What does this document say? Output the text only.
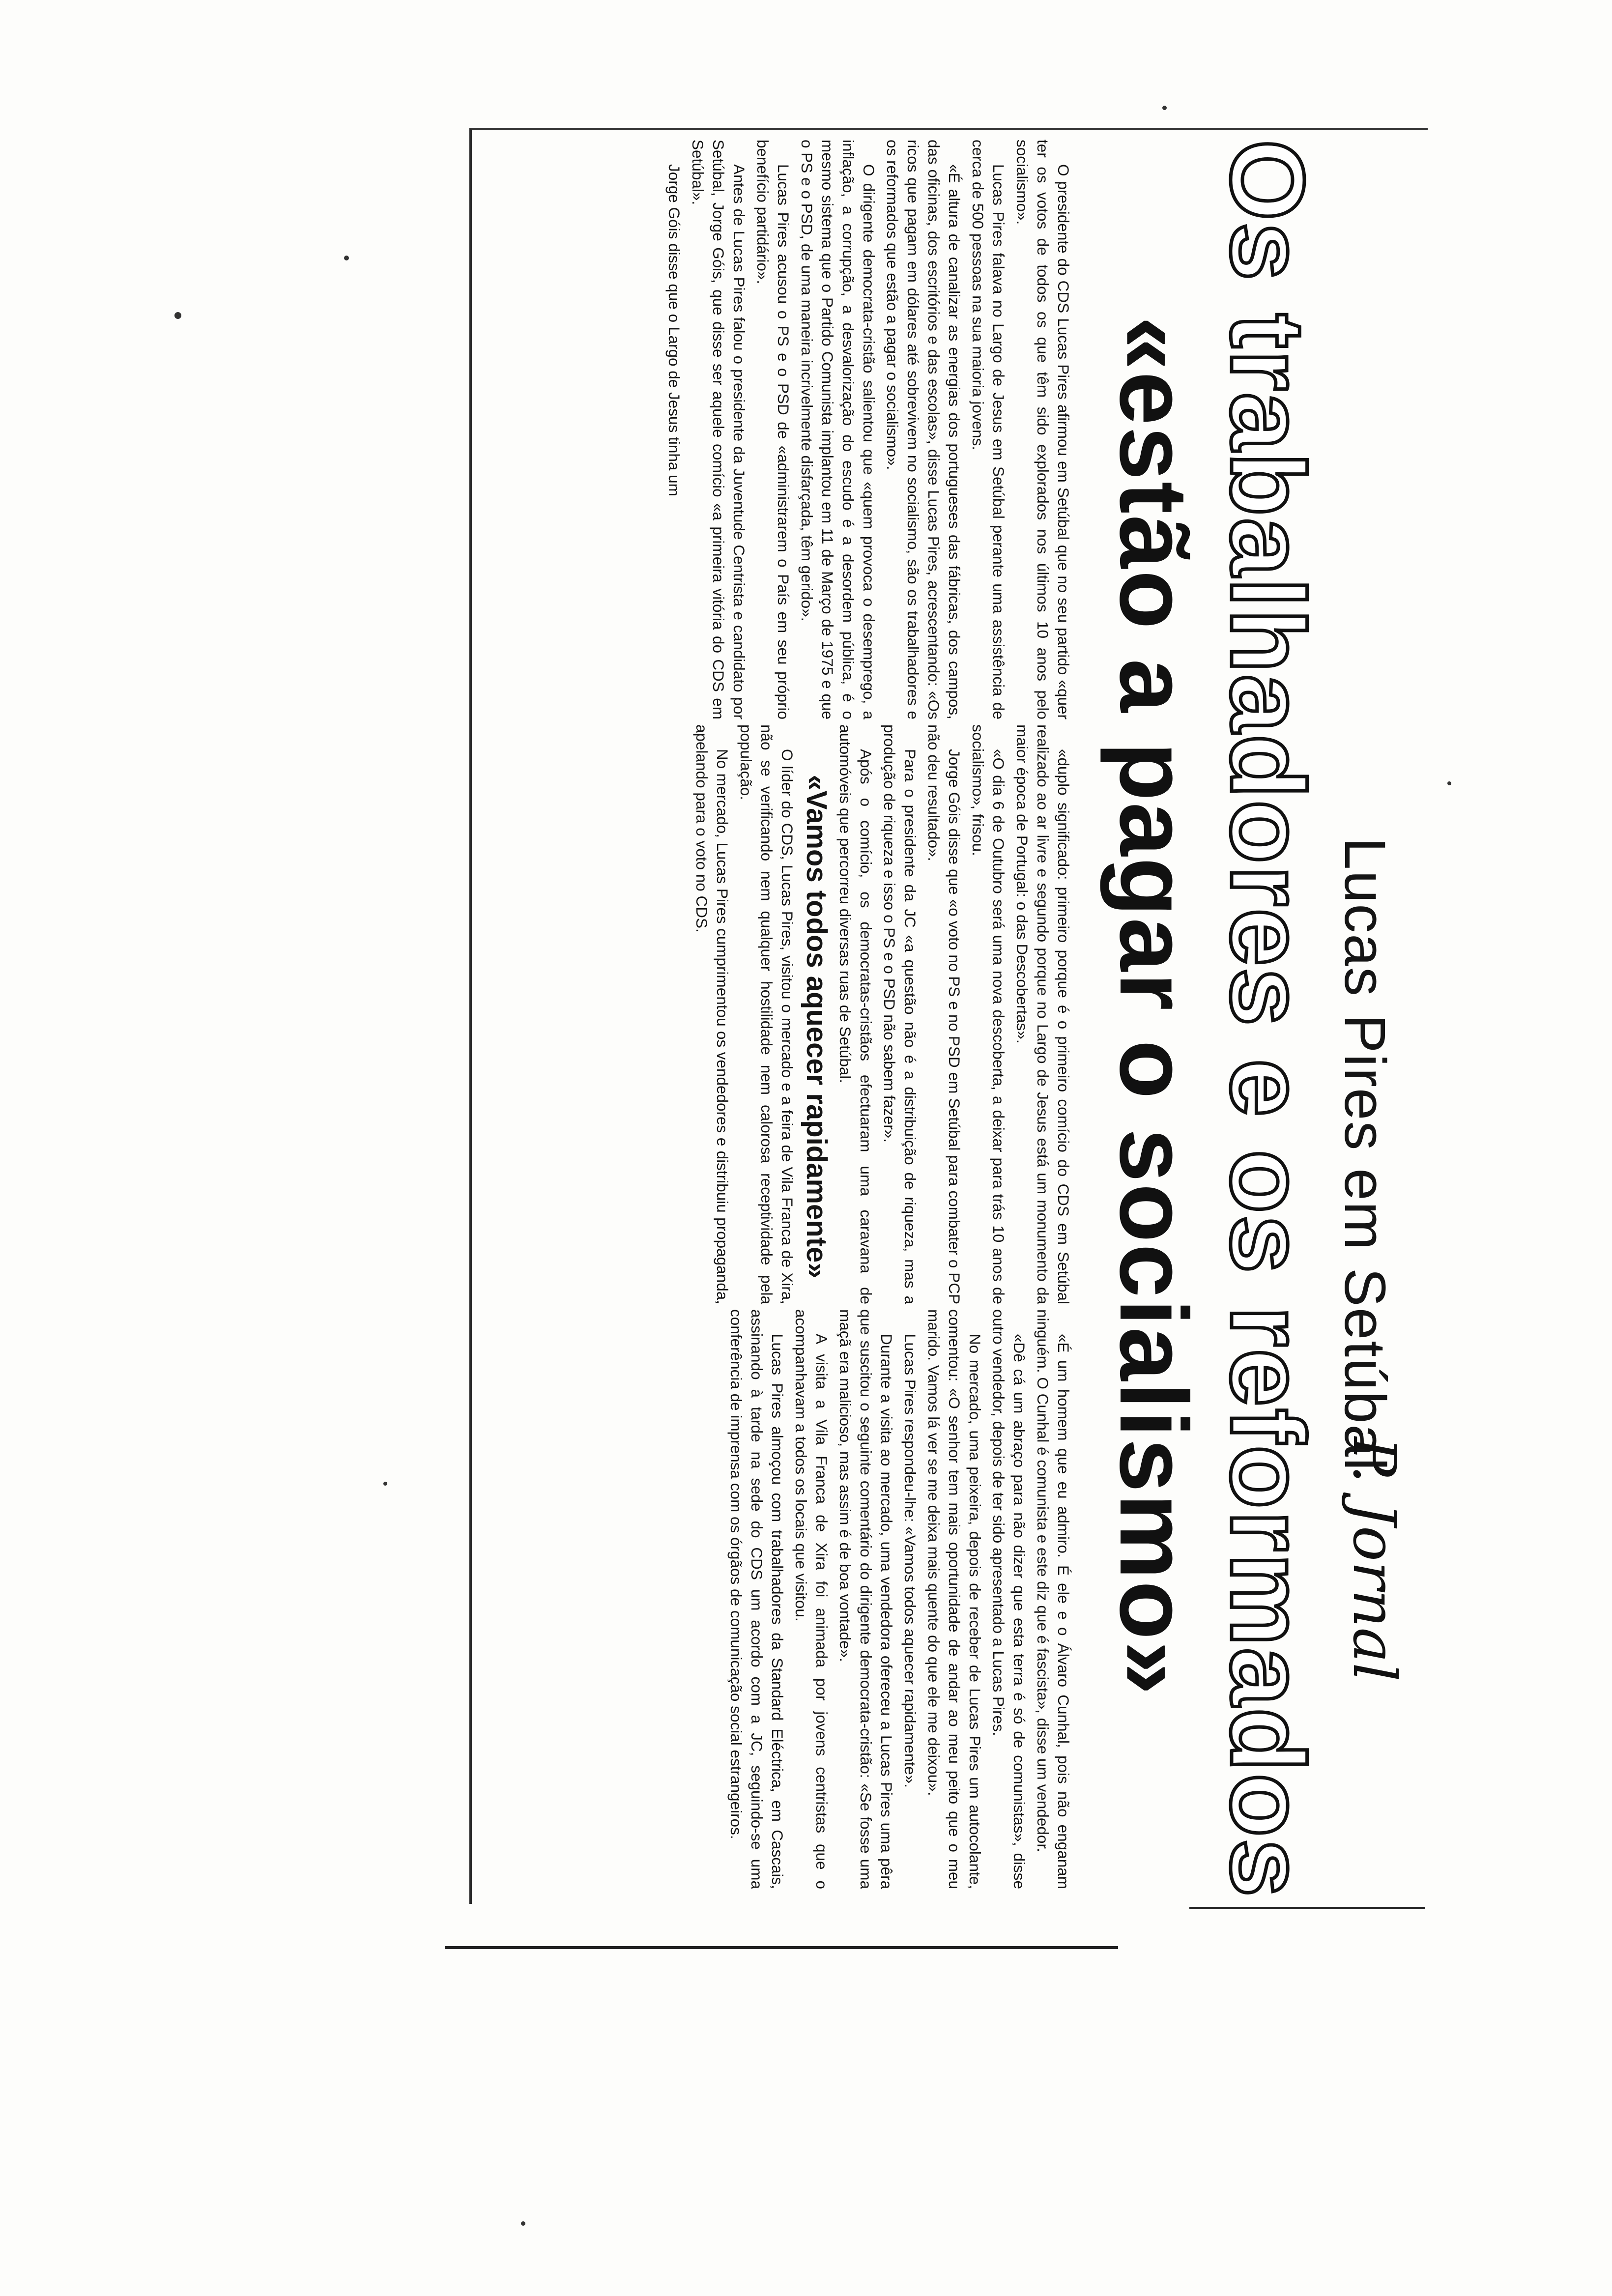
Lucas Pires em Setúbal
P. Jornal
Os trabalhadores e os reformados
«estão a pagar o socialismo»

O presidente do CDS Lucas Pires afirmou em Setúbal que no seu partido «quer ter os votos de todos os que têm sido explorados nos últimos 10 anos pelo socialismo».

Lucas Pires falava no Largo de Jesus em Setúbal perante uma assistência de cerca de 500 pessoas na sua maioria jovens.

«É altura de canalizar as energias dos portugueses das fábricas, dos campos, das oficinas, dos escritórios e das escolas», disse Lucas Pires, acrescentando: «Os ricos que pagam em dólares até sobrevivem no socialismo, são os trabalhadores e os reformados que estão a pagar o socialismo».

O dirigente democrata-cristão salientou que «quem provoca o desemprego, a inflação, a corrupção, a desvalorização do escudo é a desordem pública, é o mesmo sistema que o Partido Comunista implantou em 11 de Março de 1975 e que o PS e o PSD, de uma maneira incrivelmente disfarçada, têm gerido».

Lucas Pires acusou o PS e o PSD de «administrarem o País em seu próprio benefício partidário».

Antes de Lucas Pires falou o presidente da Juventude Centrista e candidato por Setúbal, Jorge Góis, que disse ser aquele comício «a primeira vitória do CDS em Setúbal».

Jorge Góis disse que o Largo de Jesus tinha um

«duplo significado: primeiro porque é o primeiro comício do CDS em Setúbal realizado ao ar livre e segundo porque no Largo de Jesus está um monumento da maior época de Portugal: o das Descobertas».

«O dia 6 de Outubro será uma nova descoberta, a deixar para trás 10 anos de socialismo», frisou.

Jorge Góis disse que «o voto no PS e no PSD em Setúbal para combater o PCP não deu resultado».

Para o presidente da JC «a questão não é a distribuição de riqueza, mas a produção de riqueza e isso o PS e o PSD não sabem fazer».

Após o comício, os democratas-cristãos efectuaram uma caravana de automóveis que percorreu diversas ruas de Setúbal.

«Vamos todos aquecer rapidamente»

O líder do CDS, Lucas Pires, visitou o mercado e a feira de Vila Franca de Xira, não se verificando nem qualquer hostilidade nem calorosa receptividade pela população.

No mercado, Lucas Pires cumprimentou os vendedores e distribuiu propaganda, apelando para o voto no CDS.

«É um homem que eu admiro. É ele e o Álvaro Cunhal, pois não enganam ninguém. O Cunhal é comunista e este diz que é fascista», disse um vendedor.

«Dê cá um abraço para não dizer que esta terra é só de comunistas», disse outro vendedor, depois de ter sido apresentado a Lucas Pires.

No mercado, uma peixeira, depois de receber de Lucas Pires um autocolante, comentou: «O senhor tem mais oportunidade de andar ao meu peito que o meu marido. Vamos lá ver se me deixa mais quente do que ele me deixou».

Lucas Pires respondeu-lhe: «Vamos todos aquecer rapidamente».

Durante a visita ao mercado, uma vendedora ofereceu a Lucas Pires uma pêra que suscitou o seguinte comentário do dirigente democrata-cristão: «Se fosse uma maçã era malicioso, mas assim é de boa vontade».

A visita a Vila Franca de Xira foi animada por jovens centristas que o acompanhavam a todos os locais que visitou.

Lucas Pires almoçou com trabalhadores da Standard Eléctrica, em Cascais, assinando à tarde na sede do CDS um acordo com a JC, seguindo-se uma conferência de imprensa com os órgãos de comunicação social estrangeiros.
